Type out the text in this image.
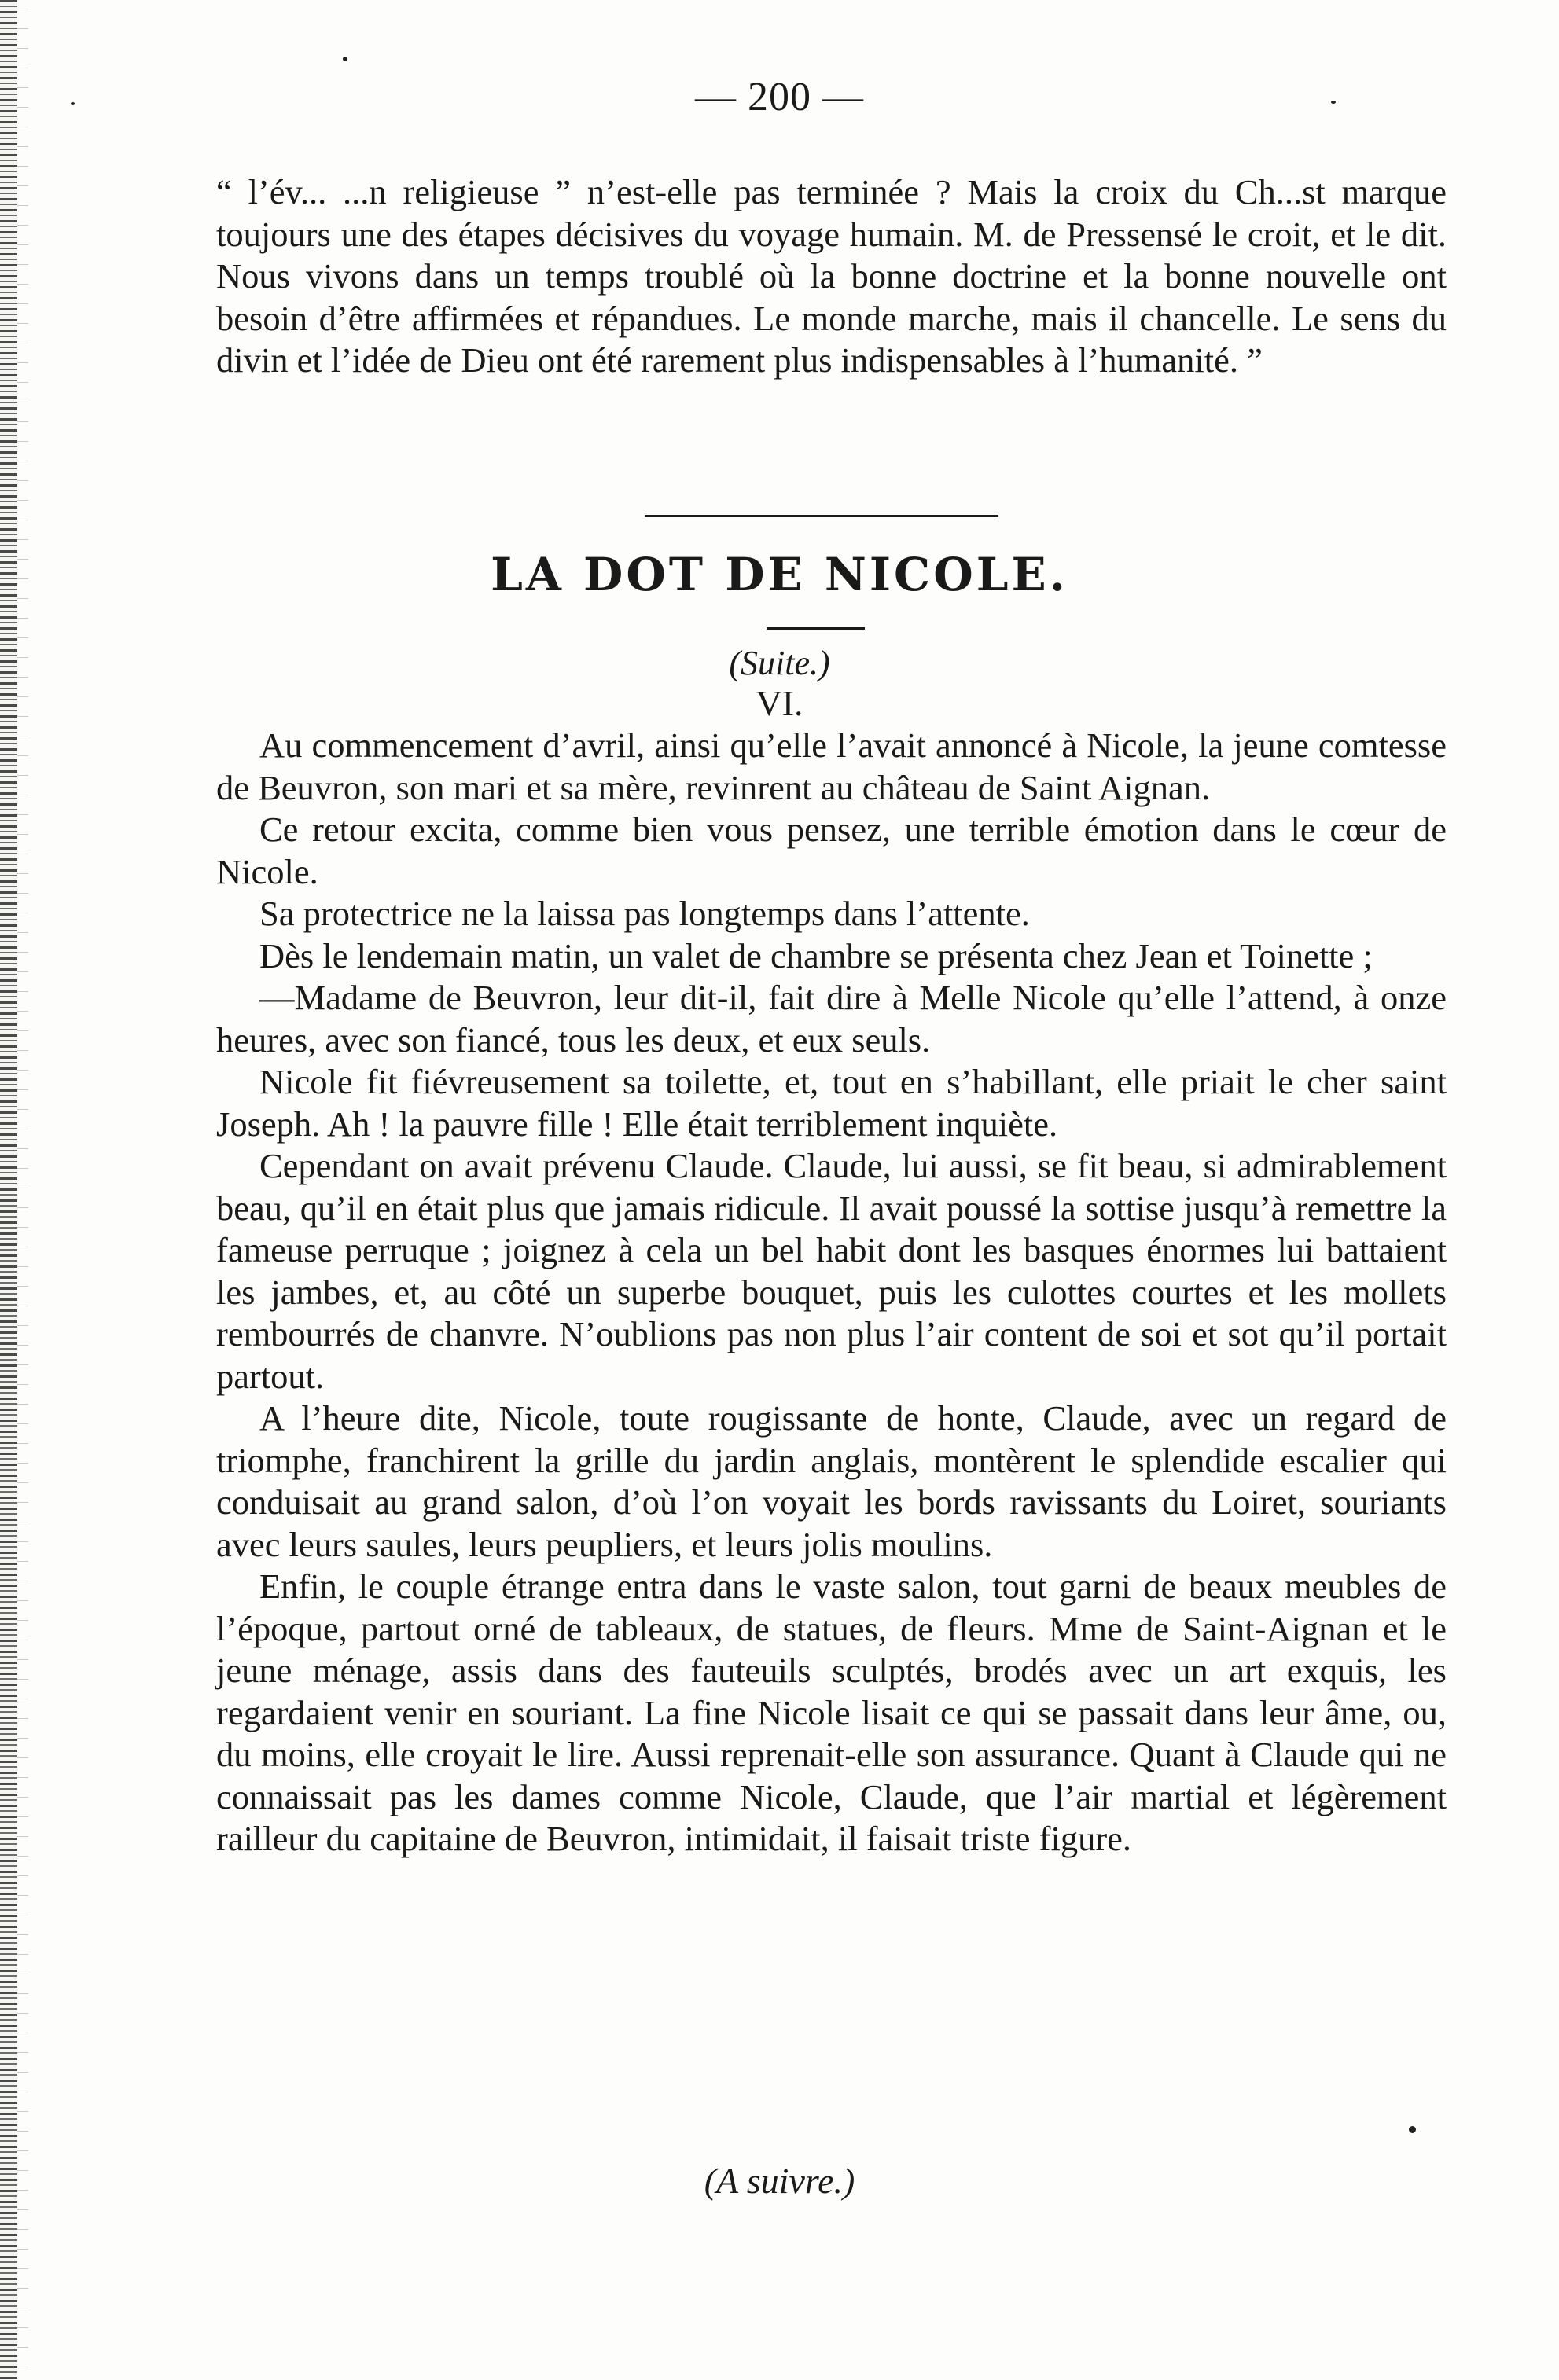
— 200 —

“ l’év... ...n religieuse ” n’est-elle pas terminée ? Mais la croix du Ch...st marque toujours une des étapes décisives du voyage humain. M. de Pressensé le croit, et le dit. Nous vivons dans un temps troublé où la bonne doctrine et la bonne nouvelle ont besoin d’être affirmées et répandues. Le monde marche, mais il chancelle. Le sens du divin et l’idée de Dieu ont été rarement plus indispensables à l’humanité. ”

LA DOT DE NICOLE.
(Suite.)
VI.

Au commencement d’avril, ainsi qu’elle l’avait annoncé à Nicole, la jeune comtesse de Beuvron, son mari et sa mère, revinrent au château de Saint Aignan.

Ce retour excita, comme bien vous pensez, une terrible émotion dans le cœur de Nicole.

Sa protectrice ne la laissa pas longtemps dans l’attente.

Dès le lendemain matin, un valet de chambre se présenta chez Jean et Toinette ;

—Madame de Beuvron, leur dit-il, fait dire à Melle Nicole qu’elle l’attend, à onze heures, avec son fiancé, tous les deux, et eux seuls.

Nicole fit fiévreusement sa toilette, et, tout en s’habillant, elle priait le cher saint Joseph. Ah ! la pauvre fille ! Elle était terriblement inquiète.

Cependant on avait prévenu Claude. Claude, lui aussi, se fit beau, si admirablement beau, qu’il en était plus que jamais ridicule. Il avait poussé la sottise jusqu’à remettre la fameuse perruque ; joignez à cela un bel habit dont les basques énormes lui battaient les jambes, et, au côté un superbe bouquet, puis les culottes courtes et les mollets rembourrés de chanvre. N’oublions pas non plus l’air content de soi et sot qu’il portait partout.

A l’heure dite, Nicole, toute rougissante de honte, Claude, avec un regard de triomphe, franchirent la grille du jardin anglais, montèrent le splendide escalier qui conduisait au grand salon, d’où l’on voyait les bords ravissants du Loiret, souriants avec leurs saules, leurs peupliers, et leurs jolis moulins.

Enfin, le couple étrange entra dans le vaste salon, tout garni de beaux meubles de l’époque, partout orné de tableaux, de statues, de fleurs. Mme de Saint-Aignan et le jeune ménage, assis dans des fauteuils sculptés, brodés avec un art exquis, les regardaient venir en souriant. La fine Nicole lisait ce qui se passait dans leur âme, ou, du moins, elle croyait le lire. Aussi reprenait-elle son assurance. Quant à Claude qui ne connaissait pas les dames comme Nicole, Claude, que l’air martial et légèrement railleur du capitaine de Beuvron, intimidait, il faisait triste figure.

(A suivre.)
